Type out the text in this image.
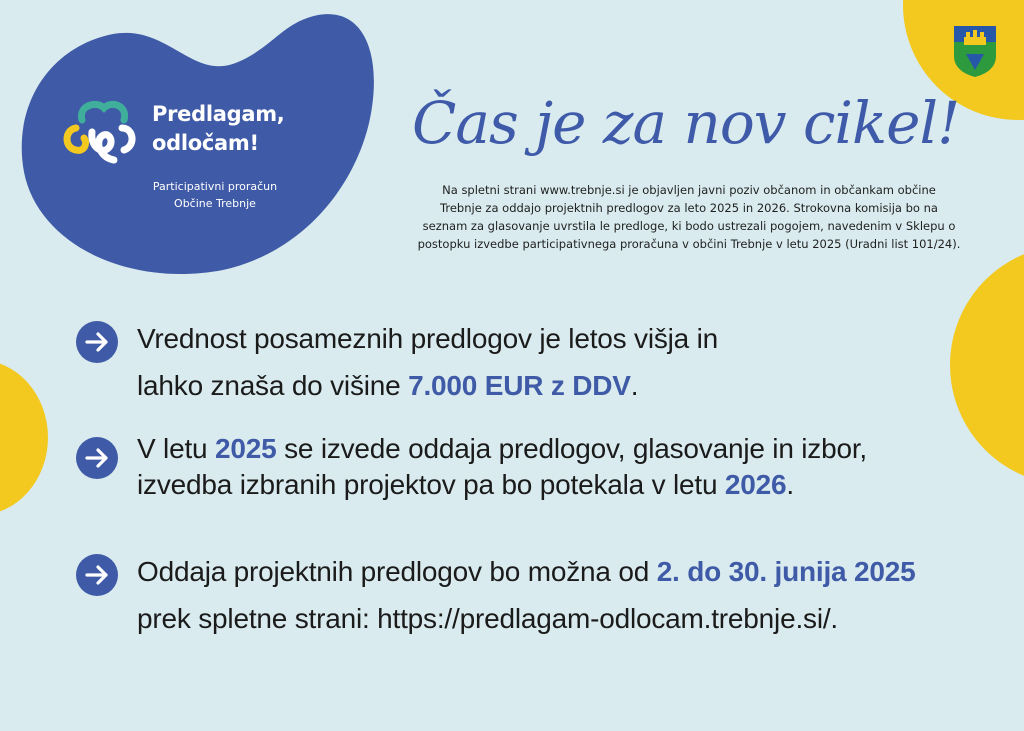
Predlagam,
odločam!
Participativni proračun
Občine Trebnje
Čas je za nov cikel!
Na spletni strani www.trebnje.si je objavljen javni poziv občanom in občankam občine
Trebnje za oddajo projektnih predlogov za leto 2025 in 2026. Strokovna komisija bo na
seznam za glasovanje uvrstila le predloge, ki bodo ustrezali pogojem, navedenim v Sklepu o
postopku izvedbe participativnega proračuna v občini Trebnje v letu 2025 (Uradni list 101/24).
Vrednost posameznih predlogov je letos višja in
lahko znaša do višine 7.000 EUR z DDV.
V letu 2025 se izvede oddaja predlogov, glasovanje in izbor,
izvedba izbranih projektov pa bo potekala v letu 2026.
Oddaja projektnih predlogov bo možna od 2. do 30. junija 2025
prek spletne strani: https://predlagam-odlocam.trebnje.si/.
